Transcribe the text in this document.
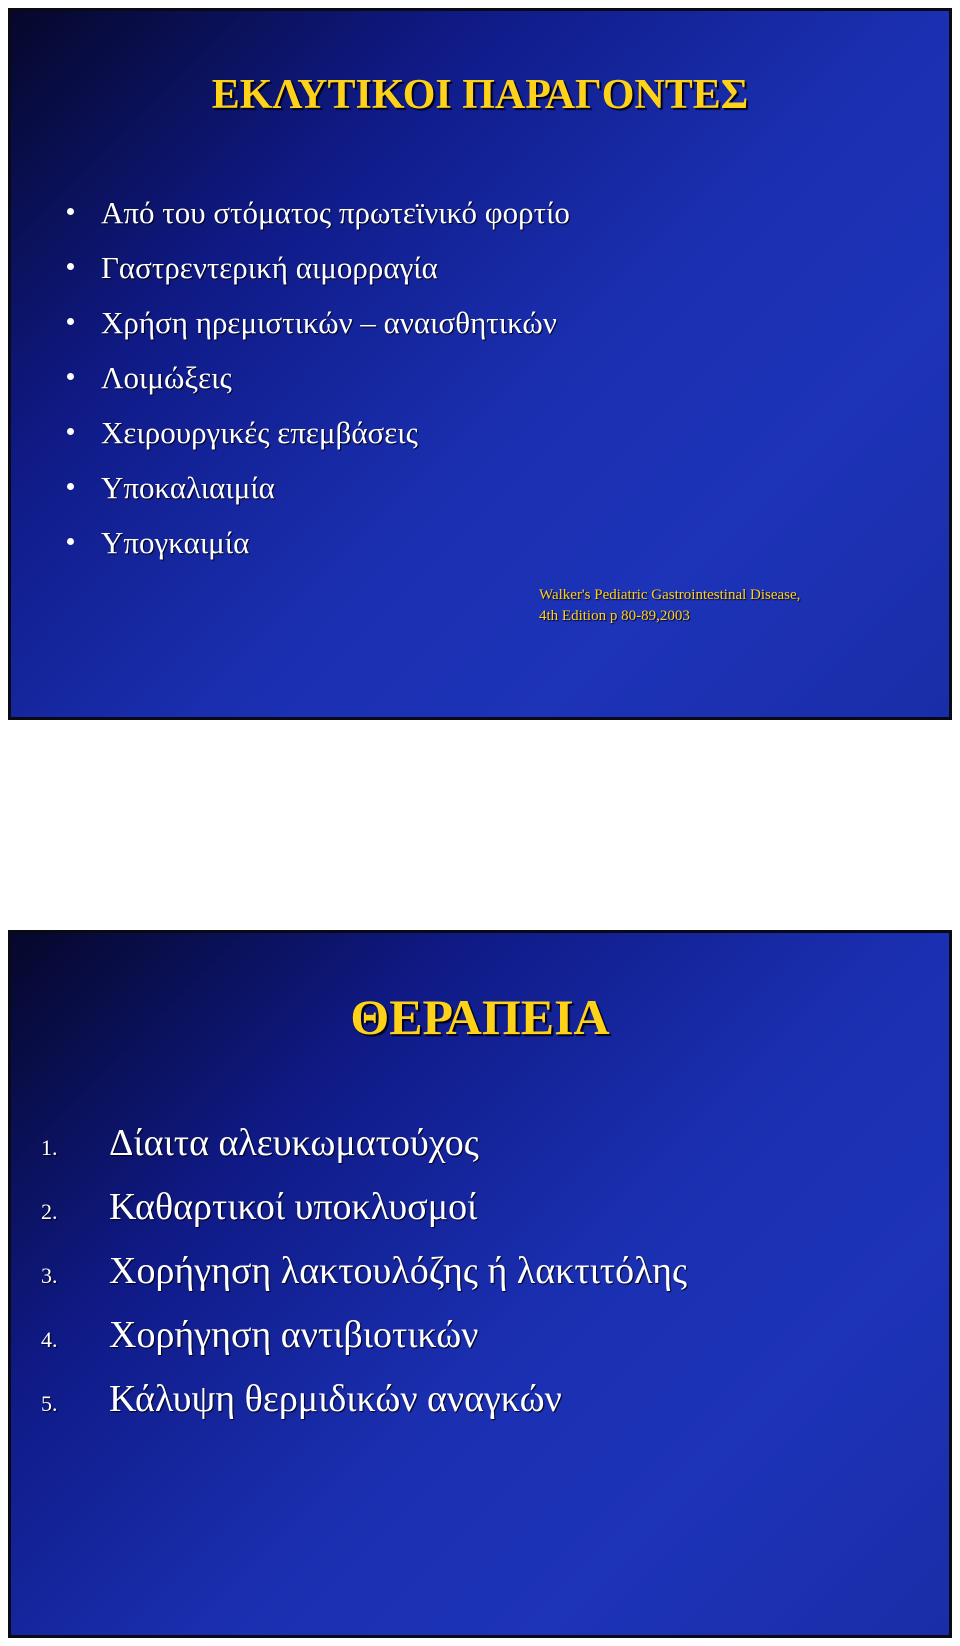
ΕΚΛΥΤΙΚΟΙ ΠΑΡΑΓΟΝΤΕΣ
Από του στόματος πρωτεϊνικό φορτίο
Γαστρεντερική αιμορραγία
Χρήση ηρεμιστικών – αναισθητικών
Λοιμώξεις
Χειρουργικές επεμβάσεις
Υποκαλιαιμία
Υπογκαιμία
Walker's Pediatric Gastrointestinal Disease,
4th Edition p 80-89,2003
ΘΕΡΑΠΕΙΑ
1. Δίαιτα αλευκωματούχος
2. Καθαρτικοί υποκλυσμοί
3. Χορήγηση λακτουλόζης ή λακτιτόλης
4. Χορήγηση αντιβιοτικών
5. Κάλυψη θερμιδικών αναγκών
